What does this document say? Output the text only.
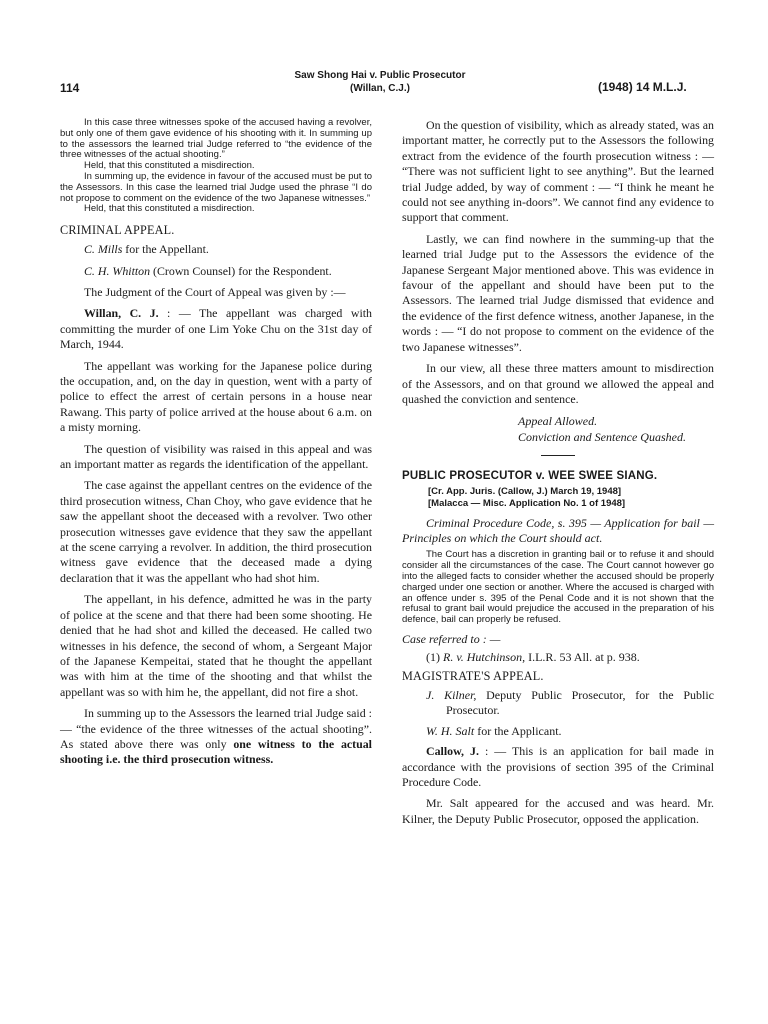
114
Saw Shong Hai v. Public Prosecutor
(Willan, C.J.)	(1948) 14 M.L.J.

In this case three witnesses spoke of the accused having a revolver, but only one of them gave evidence of his shooting with it. In summing up to the assessors the learned trial Judge referred to “the evidence of the three witnesses of the actual shooting.”

Held, that this constituted a misdirection.

In summing up, the evidence in favour of the accused must be put to the Assessors. In this case the learned trial Judge used the phrase “I do not propose to comment on the evidence of the two Japanese witnesses.”

Held, that this constituted a misdirection.

CRIMINAL APPEAL.

C. Mills for the Appellant.

C. H. Whitton (Crown Counsel) for the Respondent.

The Judgment of the Court of Appeal was given by :—

Willan, C. J. : — The appellant was charged with committing the murder of one Lim Yoke Chu on the 31st day of March, 1944.

The appellant was working for the Japanese police during the occupation, and, on the day in question, went with a party of police to effect the arrest of certain persons in a house near Rawang. This party of police arrived at the house about 6 a.m. on a misty morning.

The question of visibility was raised in this appeal and was an important matter as regards the identification of the appellant.

The case against the appellant centres on the evidence of the third prosecution witness, Chan Choy, who gave evidence that he saw the appellant shoot the deceased with a revolver. Two other prosecution witnesses gave evidence that they saw the appellant at the scene carrying a revolver. In addition, the third prosecution witness gave evidence that the deceased made a dying declaration that it was the appellant who had shot him.

The appellant, in his defence, admitted he was in the party of police at the scene and that there had been some shooting. He denied that he had shot and killed the deceased. He called two witnesses in his defence, the second of whom, a Sergeant Major of the Japanese Kempeitai, stated that he thought the appellant was with him at the time of the shooting and that whilst the appellant was so with him he, the appellant, did not fire a shot.

In summing up to the Assessors the learned trial Judge said : — “the evidence of the three witnesses of the actual shooting”. As stated above there was only one witness to the actual shooting i.e. the third prosecution witness.

On the question of visibility, which as already stated, was an important matter, he correctly put to the Assessors the following extract from the evidence of the fourth prosecution witness : — “There was not sufficient light to see anything”. But the learned trial Judge added, by way of comment : — “I think he meant he could not see anything in-doors”. We cannot find any evidence to support that comment.

Lastly, we can find nowhere in the summing-up that the learned trial Judge put to the Assessors the evidence of the Japanese Sergeant Major mentioned above. This was evidence in favour of the appellant and should have been put to the Assessors. The learned trial Judge dismissed that evidence and the evidence of the first defence witness, another Japanese, in the words : — “I do not propose to comment on the evidence of the two Japanese witnesses”.

In our view, all these three matters amount to misdirection of the Assessors, and on that ground we allowed the appeal and quashed the conviction and sentence.

Appeal Allowed.
Conviction and Sentence Quashed.
PUBLIC PROSECUTOR v. WEE SWEE SIANG.
[Cr. App. Juris. (Callow, J.) March 19, 1948]
[Malacca — Misc. Application No. 1 of 1948]

Criminal Procedure Code, s. 395 — Application for bail — Principles on which the Court should act.

The Court has a discretion in granting bail or to refuse it and should consider all the circumstances of the case. The Court cannot however go into the alleged facts to consider whether the accused should be properly charged under one section or another. Where the accused is charged with an offence under s. 395 of the Penal Code and it is not shown that the refusal to grant bail would prejudice the accused in the preparation of his defence, bail can properly be refused.

Case referred to : —

(1) R. v. Hutchinson, I.L.R. 53 All. at p. 938.

MAGISTRATE'S APPEAL.

J. Kilner, Deputy Public Prosecutor, for the Public Prosecutor.

W. H. Salt for the Applicant.

Callow, J. : — This is an application for bail made in accordance with the provisions of section 395 of the Criminal Procedure Code.

Mr. Salt appeared for the accused and was heard. Mr. Kilner, the Deputy Public Prosecutor, opposed the application.
